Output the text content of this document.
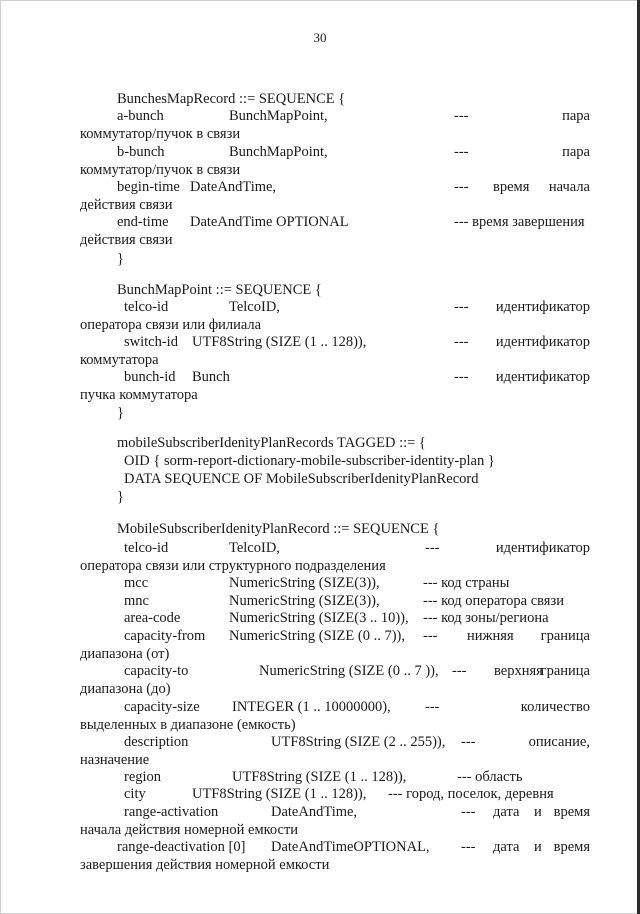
30
BunchesMapRecord ::= SEQUENCE {
a-bunch	BunchMapPoint,	---	пара
коммутатор/пучок в связи
b-bunch	BunchMapPoint,	---	пара
коммутатор/пучок в связи
begin-time DateAndTime,	--- время начала
действия связи
end-time DateAndTime OPTIONAL	--- время завершения
действия связи
}
BunchMapPoint ::= SEQUENCE {
telco-id	TelcoID,	--- идентификатор
оператора связи или филиала
switch-id UTF8String (SIZE (1 .. 128)),	--- идентификатор
коммутатора
bunch-id Bunch	--- идентификатор
пучка коммутатора
}
mobileSubscriberIdenityPlanRecords TAGGED ::= {
OID { sorm-report-dictionary-mobile-subscriber-identity-plan }
DATA SEQUENCE OF MobileSubscriberIdenityPlanRecord
}
MobileSubscriberIdenityPlanRecord ::= SEQUENCE {
telco-id	TelcoID,	---	идентификатор
оператора связи или структурного подразделения
mcc	NumericString (SIZE(3)),	--- код страны
mnc	NumericString (SIZE(3)),	--- код оператора связи
area-code	NumericString (SIZE(3 .. 10)), --- код зоны/региона
capacity-from NumericString (SIZE (0 .. 7)), --- нижняя граница
диапазона (от)
capacity-to	NumericString (SIZE (0 .. 7 )), --- верхняя
граница
диапазона (до)
capacity-size INTEGER (1 .. 10000000), ---	количество
выделенных в диапазоне (емкость)
description	UTF8String (SIZE (2 .. 255)), ---	описание,
назначение
region	UTF8String (SIZE (1 .. 128)),	--- область
city	UTF8String (SIZE (1 .. 128)), --- город, поселок, деревня
range-activation	DateAndTime,	--- дата и время
начала действия номерной емкости
range-deactivation [0] DateAndTimeOPTIONAL, --- дата и время
завершения действия номерной емкости
